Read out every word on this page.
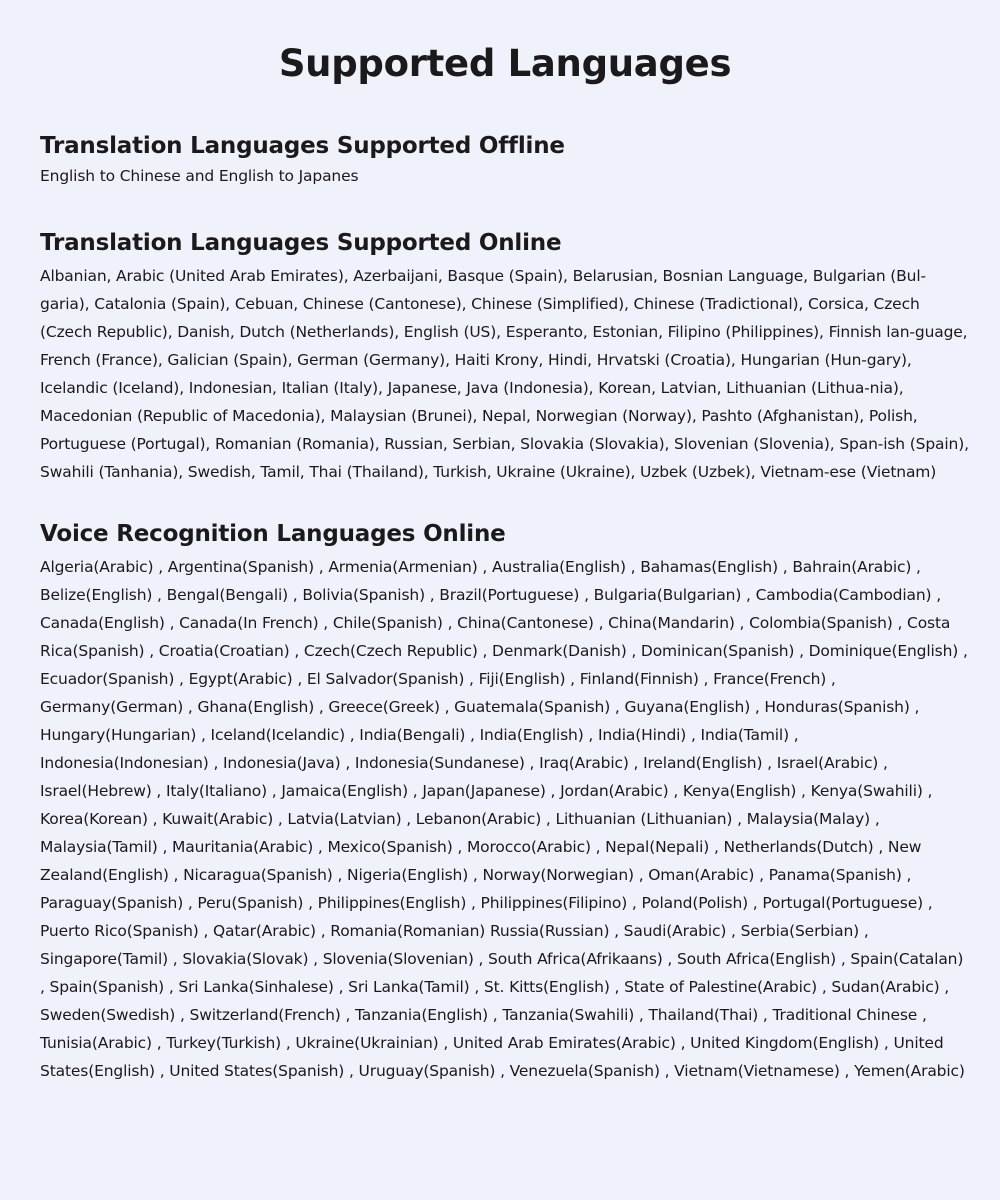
Supported Languages
Translation Languages Supported Offline

English to Chinese and English to Japanes

Translation Languages Supported Online

Albanian, Arabic (United Arab Emirates), Azerbaijani, Basque (Spain), Belarusian, Bosnian Language, Bulgarian (Bul-garia), Catalonia (Spain), Cebuan, Chinese (Cantonese), Chinese (Simplified), Chinese (Tradictional), Corsica, Czech (Czech Republic), Danish, Dutch (Netherlands), English (US), Esperanto, Estonian, Filipino (Philippines), Finnish lan-guage, French (France), Galician (Spain), German (Germany), Haiti Krony, Hindi, Hrvatski (Croatia), Hungarian (Hun-gary), Icelandic (Iceland), Indonesian, Italian (Italy), Japanese, Java (Indonesia), Korean, Latvian, Lithuanian (Lithua-nia), Macedonian (Republic of Macedonia), Malaysian (Brunei), Nepal, Norwegian (Norway), Pashto (Afghanistan), Polish, Portuguese (Portugal), Romanian (Romania), Russian, Serbian, Slovakia (Slovakia), Slovenian (Slovenia), Span-ish (Spain), Swahili (Tanhania), Swedish, Tamil, Thai (Thailand), Turkish, Ukraine (Ukraine), Uzbek (Uzbek), Vietnam-ese (Vietnam)

Voice Recognition Languages Online

Algeria(Arabic) , Argentina(Spanish) , Armenia(Armenian) , Australia(English) , Bahamas(English) , Bahrain(Arabic) , Belize(English) , Bengal(Bengali) , Bolivia(Spanish) , Brazil(Portuguese) , Bulgaria(Bulgarian) , Cambodia(Cambodian) , Canada(English) , Canada(In French) , Chile(Spanish) , China(Cantonese) , China(Mandarin) , Colombia(Spanish) , Costa Rica(Spanish) , Croatia(Croatian) , Czech(Czech Republic) , Denmark(Danish) , Dominican(Spanish) , Dominique(English) , Ecuador(Spanish) , Egypt(Arabic) , El Salvador(Spanish) , Fiji(English) , Finland(Finnish) , France(French) , Germany(German) , Ghana(English) , Greece(Greek) , Guatemala(Spanish) , Guyana(English) , Honduras(Spanish) , Hungary(Hungarian) , Iceland(Icelandic) , India(Bengali) , India(English) , India(Hindi) , India(Tamil) , Indonesia(Indonesian) , Indonesia(Java) , Indonesia(Sundanese) , Iraq(Arabic) , Ireland(English) , Israel(Arabic) , Israel(Hebrew) , Italy(Italiano) , Jamaica(English) , Japan(Japanese) , Jordan(Arabic) , Kenya(English) , Kenya(Swahili) , Korea(Korean) , Kuwait(Arabic) , Latvia(Latvian) , Lebanon(Arabic) , Lithuanian (Lithuanian) , Malaysia(Malay) , Malaysia(Tamil) , Mauritania(Arabic) , Mexico(Spanish) , Morocco(Arabic) , Nepal(Nepali) , Netherlands(Dutch) , New Zealand(English) , Nicaragua(Spanish) , Nigeria(English) , Norway(Norwegian) , Oman(Arabic) , Panama(Spanish) , Paraguay(Spanish) , Peru(Spanish) , Philippines(English) , Philippines(Filipino) , Poland(Polish) , Portugal(Portuguese) , Puerto Rico(Spanish) , Qatar(Arabic) , Romania(Romanian) Russia(Russian) , Saudi(Arabic) , Serbia(Serbian) , Singapore(Tamil) , Slovakia(Slovak) , Slovenia(Slovenian) , South Africa(Afrikaans) , South Africa(English) , Spain(Catalan) , Spain(Spanish) , Sri Lanka(Sinhalese) , Sri Lanka(Tamil) , St. Kitts(English) , State of Palestine(Arabic) , Sudan(Arabic) , Sweden(Swedish) , Switzerland(French) , Tanzania(English) , Tanzania(Swahili) , Thailand(Thai) , Traditional Chinese , Tunisia(Arabic) , Turkey(Turkish) , Ukraine(Ukrainian) , United Arab Emirates(Arabic) , United Kingdom(English) , United States(English) , United States(Spanish) , Uruguay(Spanish) , Venezuela(Spanish) , Vietnam(Vietnamese) , Yemen(Arabic)
